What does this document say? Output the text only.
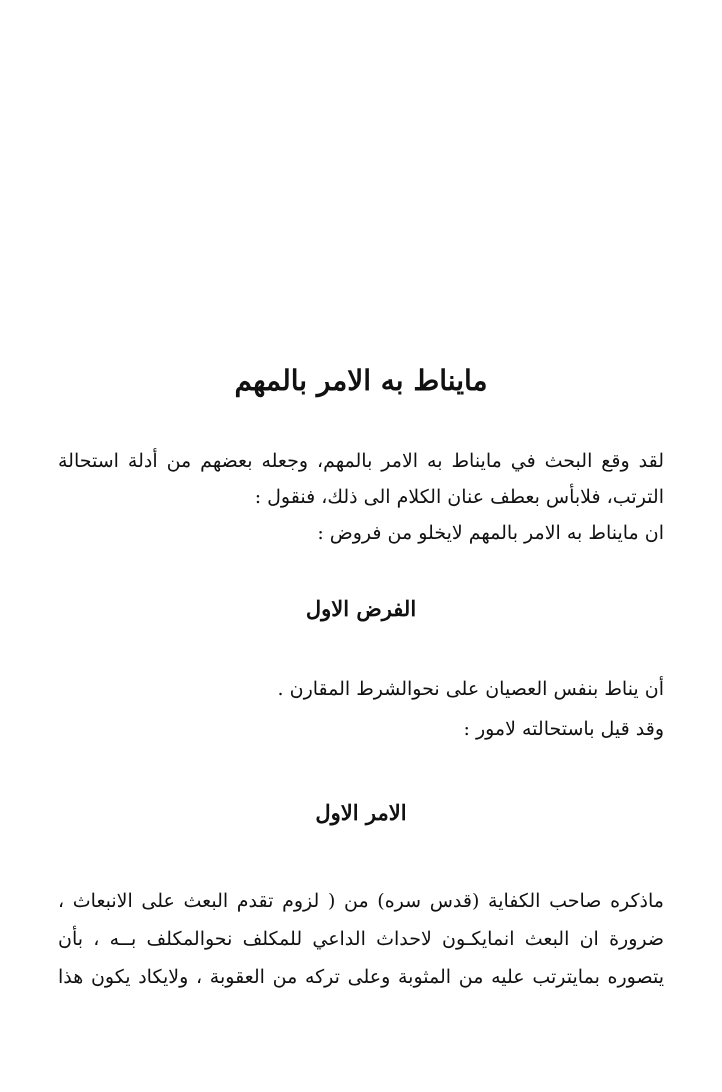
مايناط به الامر بالمهم
لقد وقع البحث في مايناط به الامر بالمهم، وجعله بعضهم من أدلة استحالة
الترتب، فلابأس بعطف عنان الكلام الى ذلك، فنقول :
ان مايناط به الامر بالمهم لايخلو من فروض :
الفرض الاول
أن يناط بنفس العصيان على نحوالشرط المقارن .
وقد قيل باستحالته لامور :
الامر الاول
ماذكره صاحب الكفاية (قدس سره) من ( لزوم تقدم البعث على الانبعاث ،
ضرورة ان البعث انمايكـون لاحداث الداعي للمكلف نحوالمكلف بــه ، بأن
يتصوره بمايترتب عليه من المثوبة وعلى تركه من العقوبة ، ولايكاد يكون هذا
